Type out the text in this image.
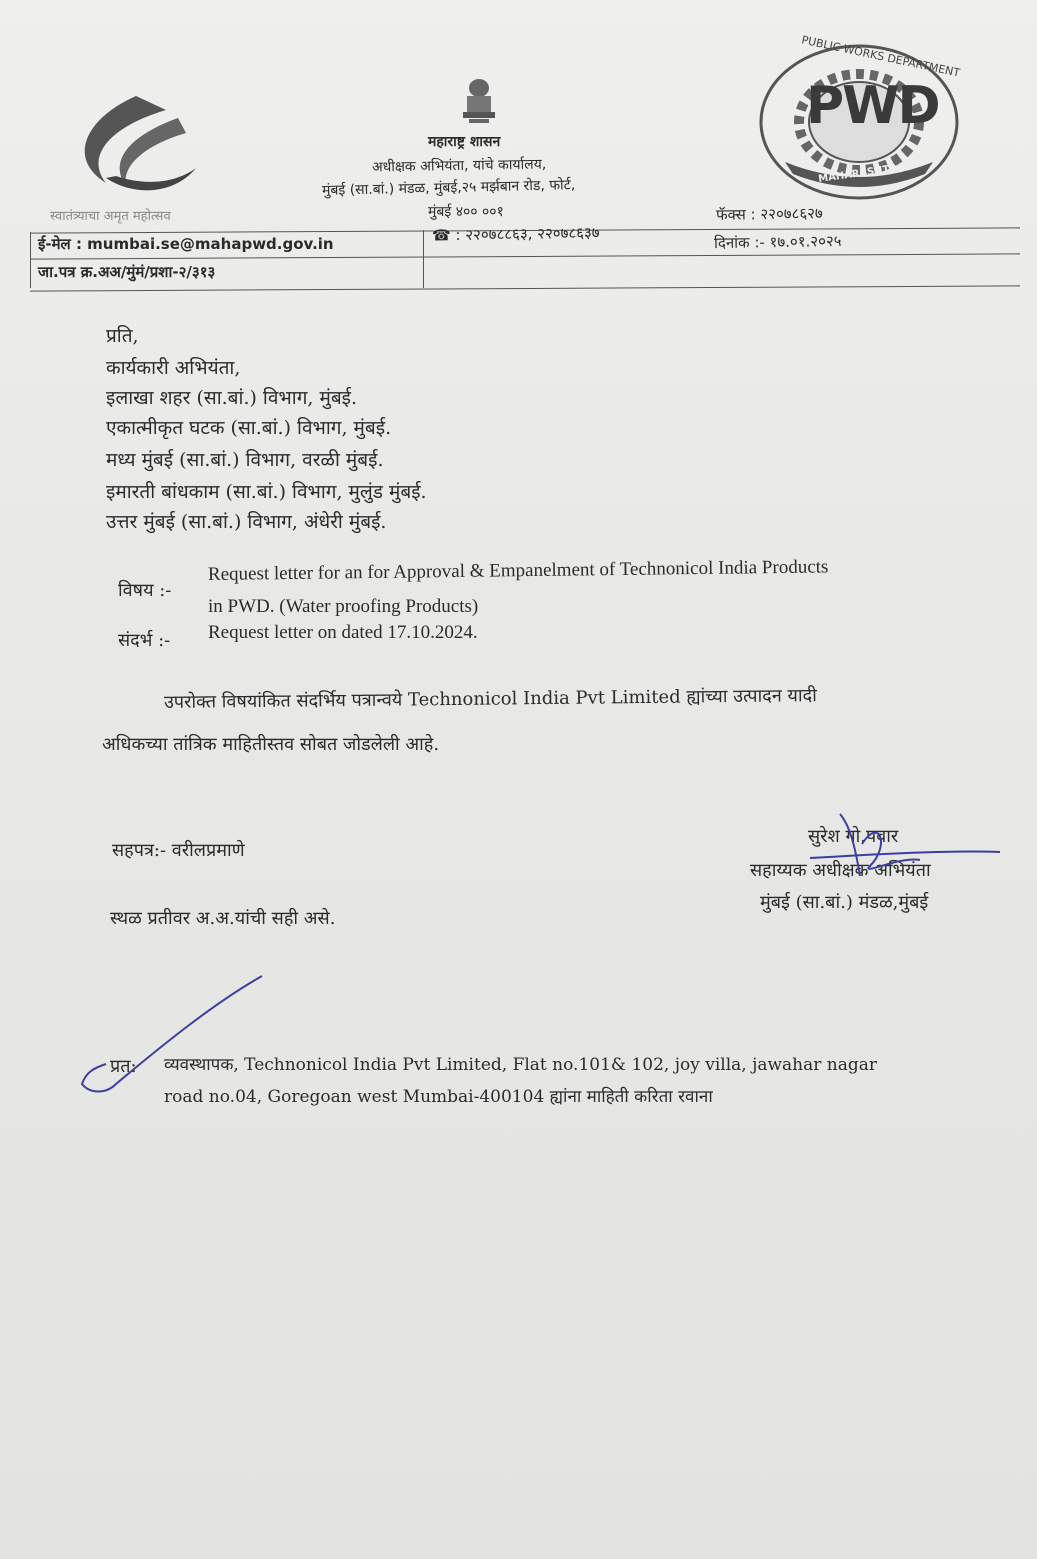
स्वातंत्र्याचा अमृत महोत्सव
महाराष्ट्र शासन
अधीक्षक अभियंता, यांचे कार्यालय,
मुंबई (सा.बां.) मंडळ, मुंबई,२५ मर्झबान रोड, फोर्ट,
मुंबई ४०० ००१
PWD
PUBLIC WORKS DEPARTMENT
MAHARASHTRA
फॅक्स : २२०७८६२७
ई-मेल : mumbai.se@mahapwd.gov.in	☎ : २२०७८८६३, २२०७८६३७	दिनांक :- १७.०१.२०२५
जा.पत्र क्र.अअ/मुंमं/प्रशा-२/३१३
प्रति,
कार्यकारी अभियंता,
इलाखा शहर (सा.बां.) विभाग, मुंबई.
एकात्मीकृत घटक (सा.बां.) विभाग, मुंबई.
मध्य मुंबई (सा.बां.) विभाग, वरळी मुंबई.
इमारती बांधकाम (सा.बां.) विभाग, मुलुंड मुंबई.
उत्तर मुंबई (सा.बां.) विभाग, अंधेरी मुंबई.
विषय :-
Request letter for an for Approval & Empanelment of Technonicol India Products
in PWD. (Water proofing Products)
संदर्भ :- Request letter on dated 17.10.2024.
उपरोक्त विषयांकित संदर्भिय पत्रान्वये Technonicol India Pvt Limited ह्यांच्या उत्पादन यादी
अधिकच्या तांत्रिक माहितीस्तव सोबत जोडलेली आहे.
सहपत्र:- वरीलप्रमाणे
सुरेश गो.पवार
सहाय्यक अधीक्षक अभियंता
मुंबई (सा.बां.) मंडळ,मुंबई
स्थळ प्रतीवर अ.अ.यांची सही असे.
प्रत: व्यवस्थापक, Technonicol India Pvt Limited, Flat no.101& 102, joy villa, jawahar nagar
road no.04, Goregoan west Mumbai-400104 ह्यांना माहिती करिता रवाना
